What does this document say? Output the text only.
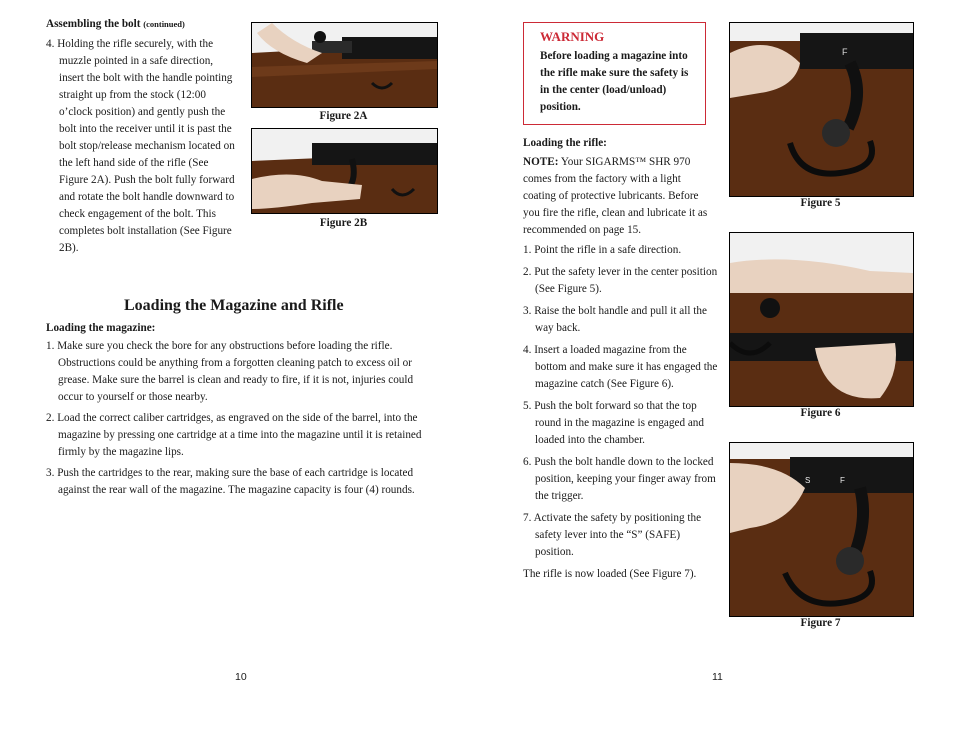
Assembling the bolt (continued)

4. Holding the rifle securely, with the muzzle pointed in a safe direction, insert the bolt with the handle pointing straight up from the stock (12:00 o’clock position) and gently push the bolt into the receiver until it is past the bolt stop/release mechanism located on the left hand side of the rifle (See Figure 2A). Push the bolt fully forward and rotate the bolt handle downward to check engagement of the bolt. This completes bolt installation (See Figure 2B).

Figure 2A
Figure 2B
Loading the Magazine and Rifle
Loading the magazine:

1. Make sure you check the bore for any obstructions before loading the rifle. Obstructions could be anything from a forgotten cleaning patch to excess oil or grease. Make sure the barrel is clean and ready to fire, if it is not, injuries could occur to yourself or those nearby.

2. Load the correct caliber cartridges, as engraved on the side of the barrel, into the magazine by pressing one cartridge at a time into the magazine until it is retained firmly by the magazine lips.

3. Push the cartridges to the rear, making sure the base of each cartridge is located against the rear wall of the magazine. The magazine capacity is four (4) rounds.

10
WARNING
Before loading a magazine into the rifle make sure the safety is in the center (load/unload) position.
Loading the rifle:
NOTE: Your SIGARMS™ SHR 970 comes from the factory with a light coating of protective lubricants. Before you fire the rifle, clean and lubricate it as recommended on page 15.

1. Point the rifle in a safe direction.

2. Put the safety lever in the center position (See Figure 5).

3. Raise the bolt handle and pull it all the way back.

4. Insert a loaded magazine from the bottom and make sure it has engaged the magazine catch (See Figure 6).

5. Push the bolt forward so that the top round in the magazine is engaged and loaded into the chamber.

6. Push the bolt handle down to the locked position, keeping your finger away from the trigger.

7. Activate the safety by positioning the safety lever into the “S” (SAFE) position.

The rifle is now loaded (See Figure 7).

F
Figure 5
Figure 6
S	F
Figure 7
11
